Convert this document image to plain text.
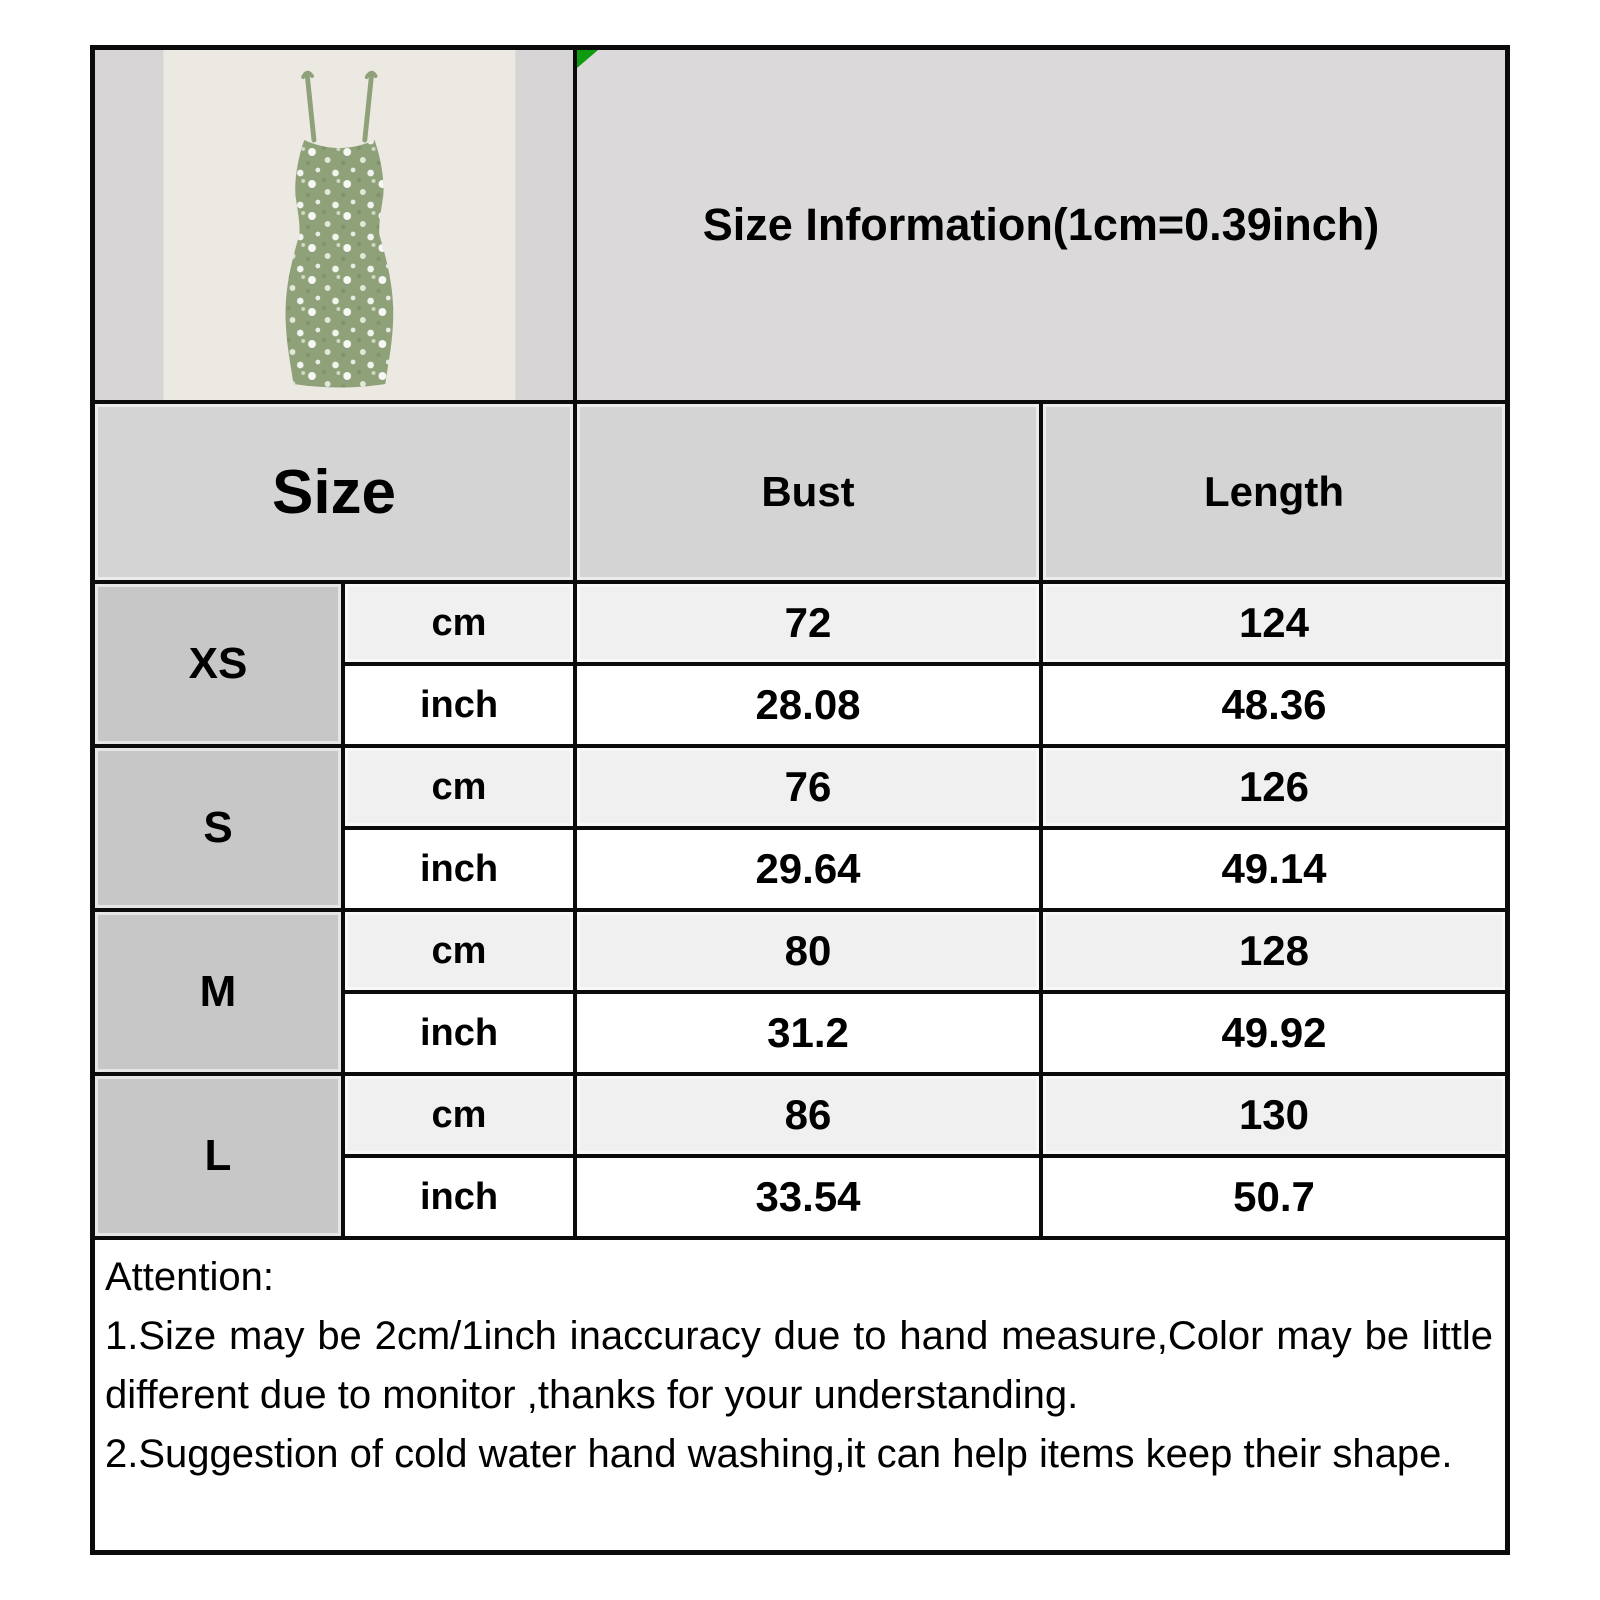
Size Information(1cm=0.39inch)
Size	Bust	Length
XS
cm	72	124
inch	28.08	48.36
S
cm	76	126
inch	29.64	49.14
M
cm	80	128
inch	31.2	49.92
L
cm	86	130
inch	33.54	50.7
Attention:
1.Size may be 2cm/1inch inaccuracy due to hand measure,Color may be little different due to monitor ,thanks for your understanding.
2.Suggestion of cold water hand washing,it can help items keep their shape.
